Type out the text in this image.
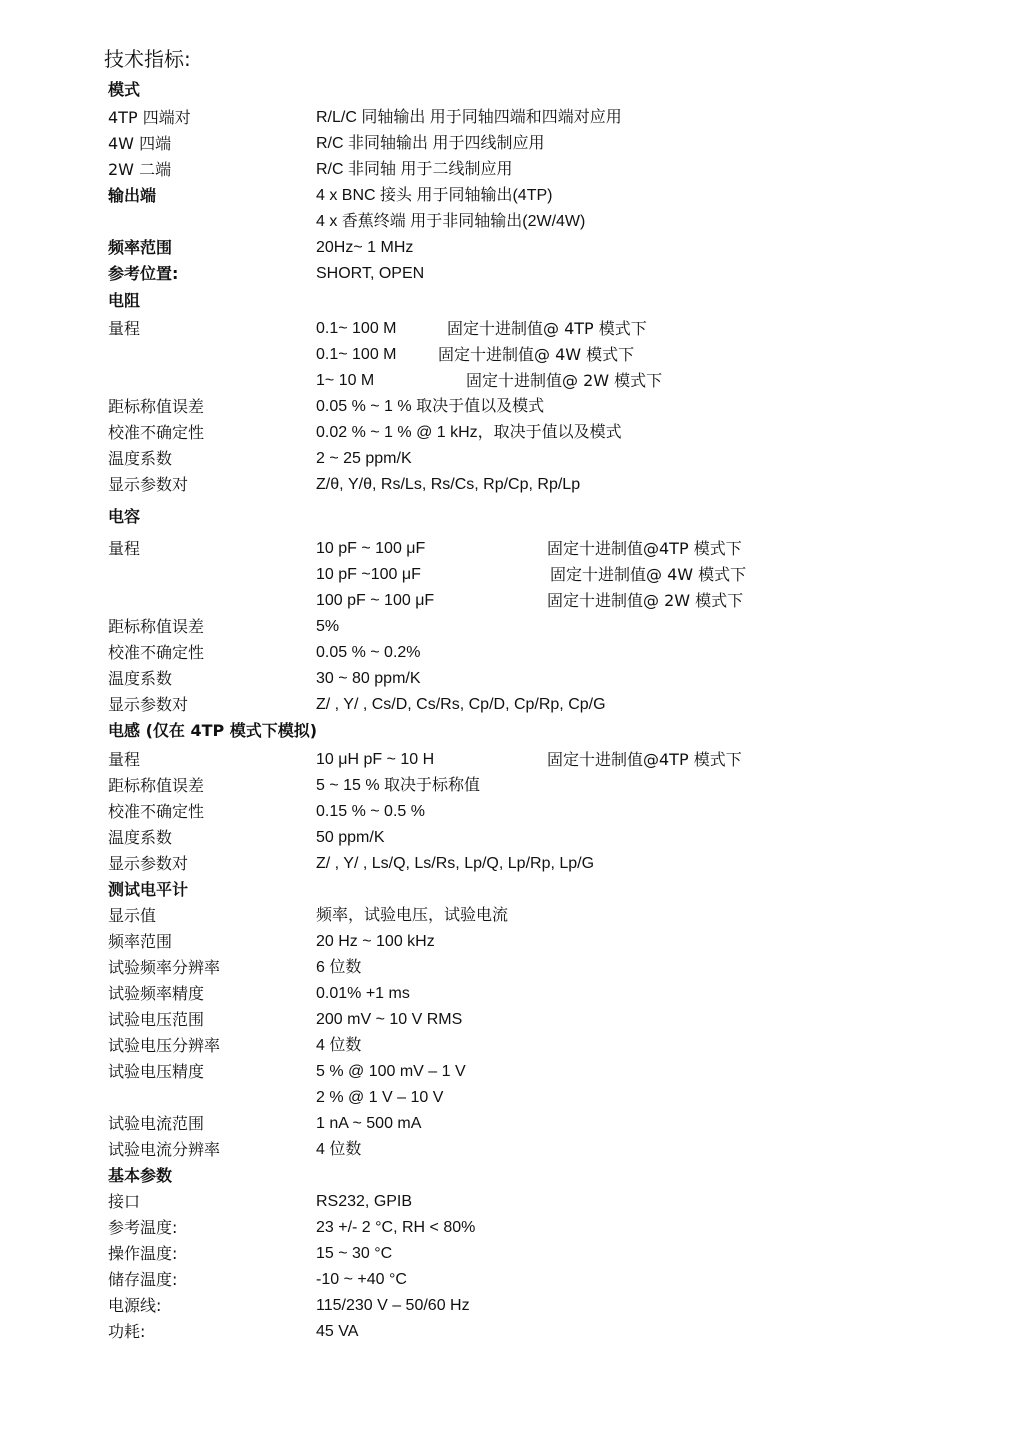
技术指标:
模式
4TP 四端对	R/L/C 同轴输出 用于同轴四端和四端对应用
4W 四端	R/C 非同轴输出 用于四线制应用
2W 二端	R/C 非同轴 用于二线制应用
输出端	4 x BNC 接头 用于同轴输出(4TP)
4 x 香蕉终端 用于非同轴输出(2W/4W)
频率范围	20Hz~ 1 MHz
参考位置:	SHORT, OPEN
电阻
量程	0.1~ 100 M	固定十进制值@ 4TP 模式下
0.1~ 100 M	固定十进制值@ 4W 模式下
1~ 10 M	固定十进制值@ 2W 模式下
距标称值误差	0.05 % ~ 1 % 取决于值以及模式
校准不确定性	0.02 % ~ 1 % @ 1 kHz，取决于值以及模式
温度系数	2 ~ 25 ppm/K
显示参数对	Z/θ, Y/θ, Rs/Ls, Rs/Cs, Rp/Cp, Rp/Lp
电容
量程	10 pF ~ 100 μF	固定十进制值@4TP 模式下
10 pF ~100 μF	固定十进制值@ 4W 模式下
100 pF ~ 100 μF	固定十进制值@ 2W 模式下
距标称值误差	5%
校准不确定性	0.05 % ~ 0.2%
温度系数	30 ~ 80 ppm/K
显示参数对	Z/ , Y/ , Cs/D, Cs/Rs, Cp/D, Cp/Rp, Cp/G
电感 (仅在 4TP 模式下模拟)
量程	10 μH pF ~ 10 H	固定十进制值@4TP 模式下
距标称值误差	5 ~ 15 % 取决于标称值
校准不确定性	0.15 % ~ 0.5 %
温度系数	50 ppm/K
显示参数对	Z/ , Y/ , Ls/Q, Ls/Rs, Lp/Q, Lp/Rp, Lp/G
测试电平计
显示值	频率，试验电压，试验电流
频率范围	20 Hz ~ 100 kHz
试验频率分辨率	6 位数
试验频率精度	0.01% +1 ms
试验电压范围	200 mV ~ 10 V RMS
试验电压分辨率	4 位数
试验电压精度	5 % @ 100 mV – 1 V
2 % @ 1 V – 10 V
试验电流范围	1 nA ~ 500 mA
试验电流分辨率	4 位数
基本参数
接口	RS232, GPIB
参考温度:	23 +/- 2 °C, RH < 80%
操作温度:	15 ~ 30 °C
储存温度:	-10 ~ +40 °C
电源线:	115/230 V – 50/60 Hz
功耗:	45 VA
